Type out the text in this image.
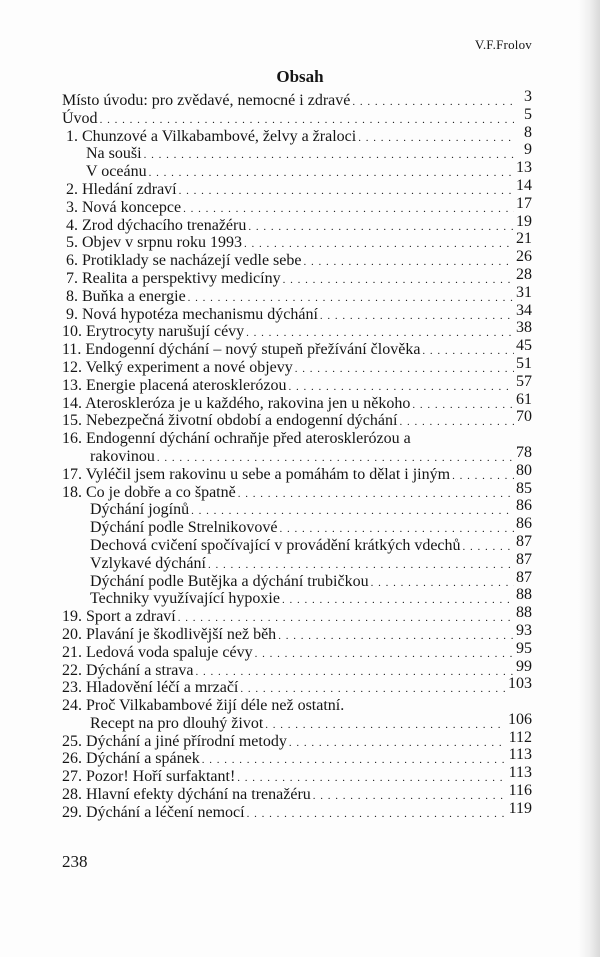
V.F.Frolov
Obsah
Místo úvodu: pro zvědavé, nemocné i zdravé . . .	3
Úvod . . .	5
1. Chunzové a Vilkabambové, želvy a žraloci . . .	8
Na souši . . .	9
V oceánu . . .	13
2. Hledání zdraví . . .	14
3. Nová koncepce . . .	17
4. Zrod dýchacího trenažéru . . .	19
5. Objev v srpnu roku 1993 . . .	21
6. Protiklady se nacházejí vedle sebe . . .	26
7. Realita a perspektivy medicíny . . .	28
8. Buňka a energie . . .	31
9. Nová hypotéza mechanismu dýchání . . .	34
10. Erytrocyty narušují cévy . . .	38
11. Endogenní dýchání – nový stupeň přežívání člověka . . .	45
12. Velký experiment a nové objevy . . .	51
13. Energie placená aterosklerózou . . .	57
14. Ateroskleróza je u každého, rakovina jen u někoho . . .	61
15. Nebezpečná životní období a endogenní dýchání . . .	70
16. Endogenní dýchání ochraňje před aterosklerózou a
rakovinou . . .	78
17. Vyléčil jsem rakovinu u sebe a pomáhám to dělat i jiným . . .	80
18. Co je dobře a co špatně . . .	85
Dýchání jogínů . . .	86
Dýchání podle Strelnikovové . . .	86
Dechová cvičení spočívající v provádění krátkých vdechů . . .	87
Vzlykavé dýchání . . .	87
Dýchání podle Butějka a dýchání trubičkou . . .	87
Techniky využívající hypoxie . . .	88
19. Sport a zdraví . . .	88
20. Plavání je škodlivější než běh . . .	93
21. Ledová voda spaluje cévy . . .	95
22. Dýchání a strava . . .	99
23. Hladovění léčí a mrzačí . . .	103
24. Proč Vilkabambové žijí déle než ostatní.
Recept na pro dlouhý život . . .	106
25. Dýchání a jiné přírodní metody . . .	112
26. Dýchání a spánek . . .	113
27. Pozor! Hoří surfaktant! . . .	113
28. Hlavní efekty dýchání na trenažéru . . .	116
29. Dýchání a léčení nemocí . . .	119
238
